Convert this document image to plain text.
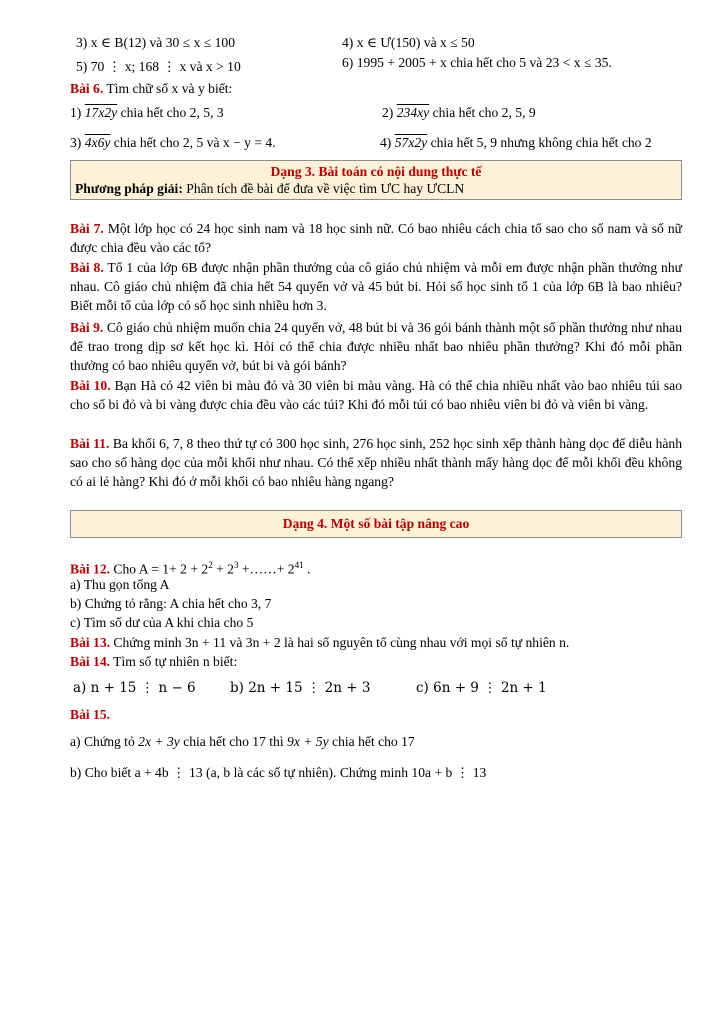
3) x ∈ B(12) và 30 ≤ x ≤ 100	4) x ∈ Ư(150) và x ≤ 50
5) 70 ⋮ x; 168 ⋮ x và x > 10	6) 1995 + 2005 + x chia hết cho 5 và 23 < x ≤ 35.
Bài 6. Tìm chữ số x và y biết:
1) 17x2y chia hết cho 2, 5, 3	2) 234xy chia hết cho 2, 5, 9
3) 4x6y chia hết cho 2, 5 và x − y = 4.	4) 57x2y chia hết 5, 9 nhưng không chia hết cho 2
Dạng 3. Bài toán có nội dung thực tế
Phương pháp giải: Phân tích đề bài để đưa về việc tìm ƯC hay ƯCLN
Bài 7. Một lớp học có 24 học sinh nam và 18 học sinh nữ. Có bao nhiêu cách chia tổ sao cho số nam và số nữ được chia đều vào các tổ?
Bài 8. Tổ 1 của lớp 6B được nhận phần thưởng của cô giáo chủ nhiệm và mỗi em được nhận phần thưởng như nhau. Cô giáo chủ nhiệm đã chia hết 54 quyển vở và 45 bút bi. Hỏi số học sinh tổ 1 của lớp 6B là bao nhiêu? Biết mỗi tổ của lớp có số học sinh nhiều hơn 3.
Bài 9. Cô giáo chủ nhiệm muốn chia 24 quyển vở, 48 bút bi và 36 gói bánh thành một số phần thưởng như nhau để trao trong dịp sơ kết học kì. Hỏi có thể chia được nhiều nhất bao nhiêu phần thưởng? Khi đó mỗi phần thưởng có bao nhiêu quyển vở, bút bi và gói bánh?
Bài 10. Bạn Hà có 42 viên bi màu đỏ và 30 viên bi màu vàng. Hà có thể chia nhiều nhất vào bao nhiêu túi sao cho số bi đỏ và bi vàng được chia đều vào các túi? Khi đó mỗi túi có bao nhiêu viên bi đỏ và viên bi vàng.
Bài 11. Ba khối 6, 7, 8 theo thứ tự có 300 học sinh, 276 học sinh, 252 học sinh xếp thành hàng dọc để diễu hành sao cho số hàng dọc của mỗi khối như nhau. Có thể xếp nhiều nhất thành mấy hàng dọc để mỗi khối đều không có ai lẻ hàng? Khi đó ở mỗi khối có bao nhiêu hàng ngang?
Dạng 4. Một số bài tập nâng cao
Bài 12. Cho $A = 1+ 2 + 2^2 + 2^3$ +……+ $2^{41}$ .
a) Thu gọn tổng A
b) Chứng tỏ rằng: A chia hết cho 3, 7
c) Tìm số dư của A khi chia cho 5
Bài 13. Chứng minh 3n + 11 và 3n + 2 là hai số nguyên tố cùng nhau với mọi số tự nhiên n.
Bài 14. Tìm số tự nhiên n biết:
a) n + 15 ⋮ n − 6	b) 2n + 15 ⋮ 2n + 3	c) 6n + 9 ⋮ 2n + 1
Bài 15.
a) Chứng tỏ 2x + 3y chia hết cho 17 thì 9x + 5y chia hết cho 17
b) Cho biết a + 4b ⋮ 13 (a, b là các số tự nhiên). Chứng minh 10a + b ⋮ 13
